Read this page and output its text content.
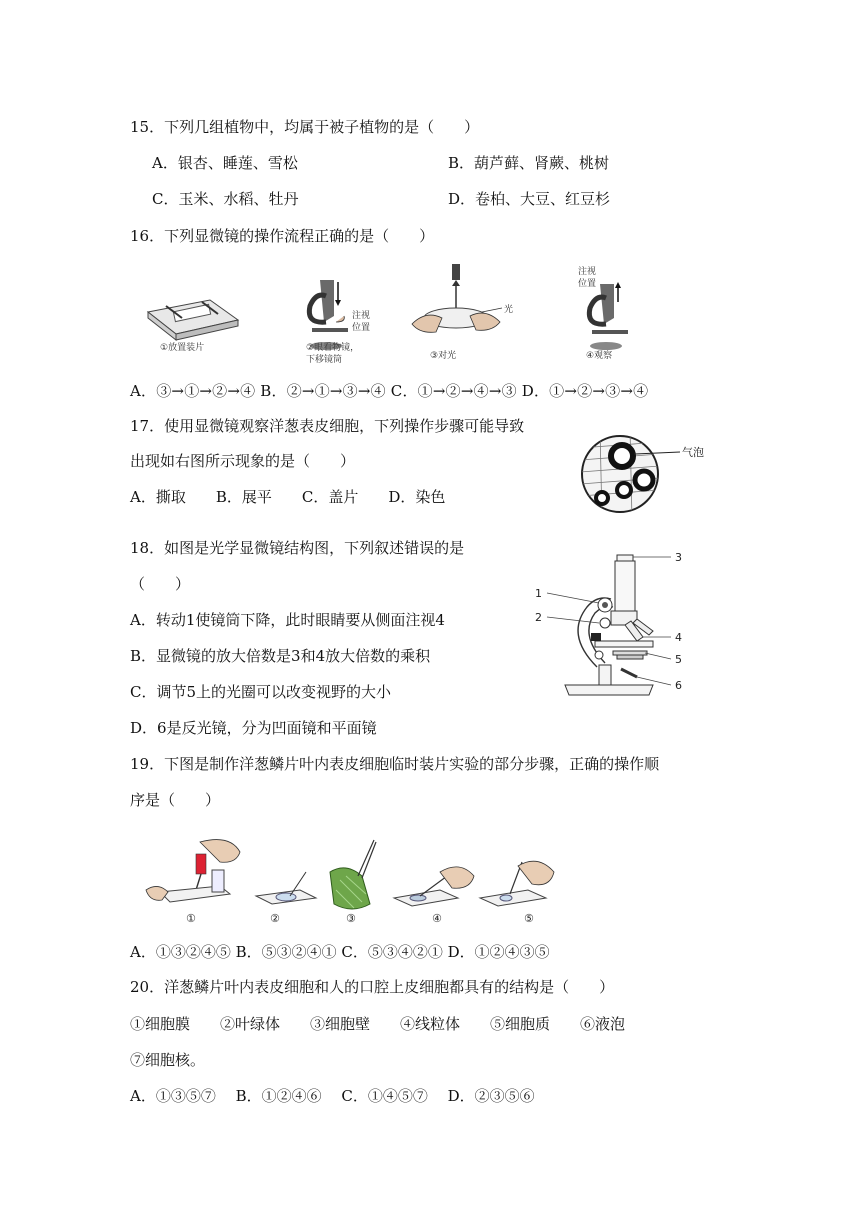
15．下列几组植物中，均属于被子植物的是（　　）
A．银杏、睡莲、雪松	B．葫芦藓、肾蕨、桃树
C．玉米、水稻、牡丹	D．卷柏、大豆、红豆杉
16．下列显微镜的操作流程正确的是（　　）
①放置装片
注视
位置
②眼看物镜，
下移镜筒
光
③对光
注视
位置
④观察
A．③→①→②→④ B．②→①→③→④ C．①→②→④→③ D．①→②→③→④
17．使用显微镜观察洋葱表皮细胞，下列操作步骤可能导致
出现如右图所示现象的是（　　）
A．撕取　　B．展平　　C．盖片　　D．染色
气泡
18．如图是光学显微镜结构图，下列叙述错误的是
（　　）
A．转动1使镜筒下降，此时眼睛要从侧面注视4
B．显微镜的放大倍数是3和4放大倍数的乘积
C．调节5上的光圈可以改变视野的大小
D．6是反光镜，分为凹面镜和平面镜
1
2
3
4
5
6
19．下图是制作洋葱鳞片叶内表皮细胞临时装片实验的部分步骤，正确的操作顺
序是（　　）
①	②	③	④	⑤
A．①③②④⑤ B．⑤③②④① C．⑤③④②① D．①②④③⑤
20．洋葱鳞片叶内表皮细胞和人的口腔上皮细胞都具有的结构是（　　）
①细胞膜　　②叶绿体　　③细胞壁　　④线粒体　　⑤细胞质　　⑥液泡
⑦细胞核。
A．①③⑤⑦　 B．①②④⑥　 C．①④⑤⑦　 D．②③⑤⑥
